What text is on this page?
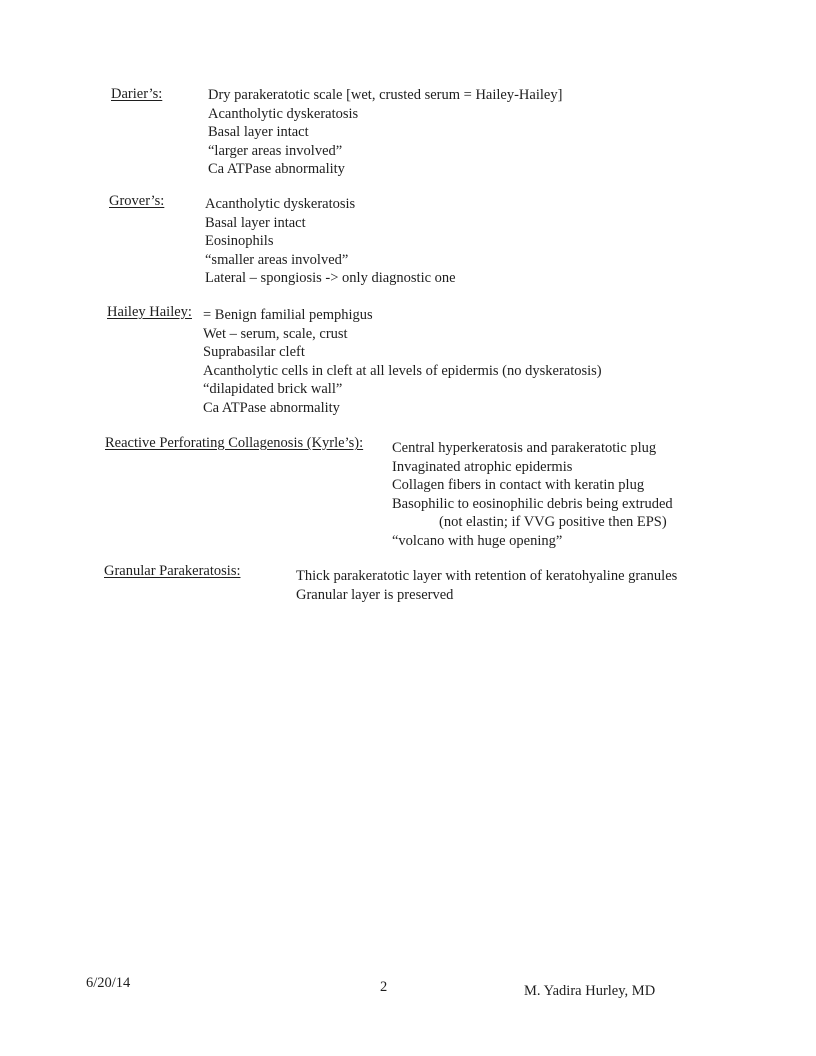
Darier’s:	Dry parakeratotic scale [wet, crusted serum = Hailey-Hailey]
Acantholytic dyskeratosis
Basal layer intact
“larger areas involved”
Ca ATPase abnormality
Grover’s:	Acantholytic dyskeratosis
Basal layer intact
Eosinophils
“smaller areas involved”
Lateral – spongiosis -> only diagnostic one
Hailey Hailey: = Benign familial pemphigus
Wet – serum, scale, crust
Suprabasilar cleft
Acantholytic cells in cleft at all levels of epidermis (no dyskeratosis)
“dilapidated brick wall”
Ca ATPase abnormality
Reactive Perforating Collagenosis (Kyrle’s): Central hyperkeratosis and parakeratotic plug
Invaginated atrophic epidermis
Collagen fibers in contact with keratin plug
Basophilic to eosinophilic debris being extruded
(not elastin; if VVG positive then EPS)
“volcano with huge opening”
Granular Parakeratosis:	Thick parakeratotic layer with retention of keratohyaline granules
Granular layer is preserved
6/20/14	2	M. Yadira Hurley, MD
